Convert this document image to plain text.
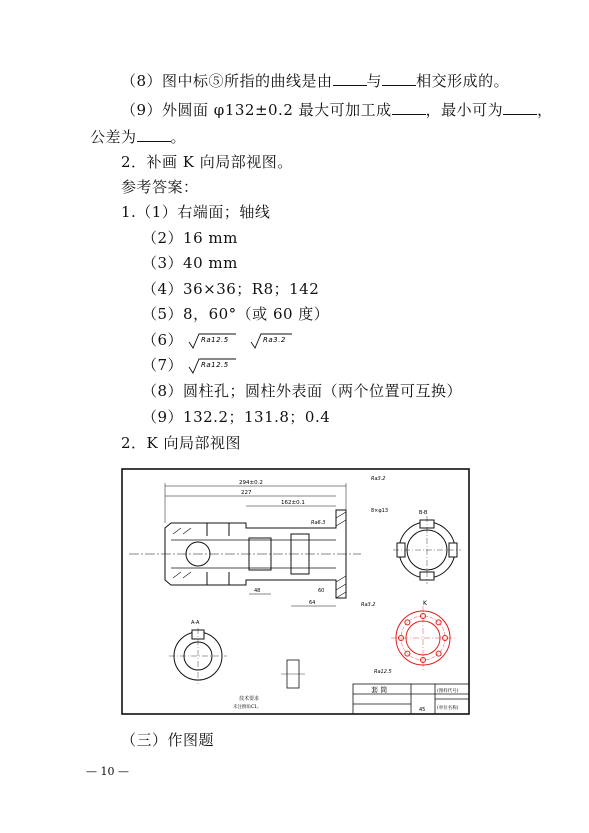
（8）图中标⑤所指的曲线是由 与 相交形成的。
（9）外圆面 φ132±0.2 最大可加工成 ，最小可为 ，
公差为 。
2．补画 K 向局部视图。
参考答案：
1.（1）右端面；轴线
（2）16 mm
（3）40 mm
（4）36×36；R8；142
（5）8，60°（或 60 度）
（6）	Ra12.5
	Ra3.2
（7）	Ra12.5
（8）圆柱孔；圆柱外表面（两个位置可互换）
（9）132.2；131.8；0.4
2．K 向局部视图
294±0.2
227
162±0.1
48
64
60
8×φ13
Ra3.2
Ra6.3
Ra3.2
Ra12.5
B-B
K
A-A
技术要求
未注倒角C1。
套 筒	(图样代号)
45	(单位名称)
（三）作图题
— 10 —
